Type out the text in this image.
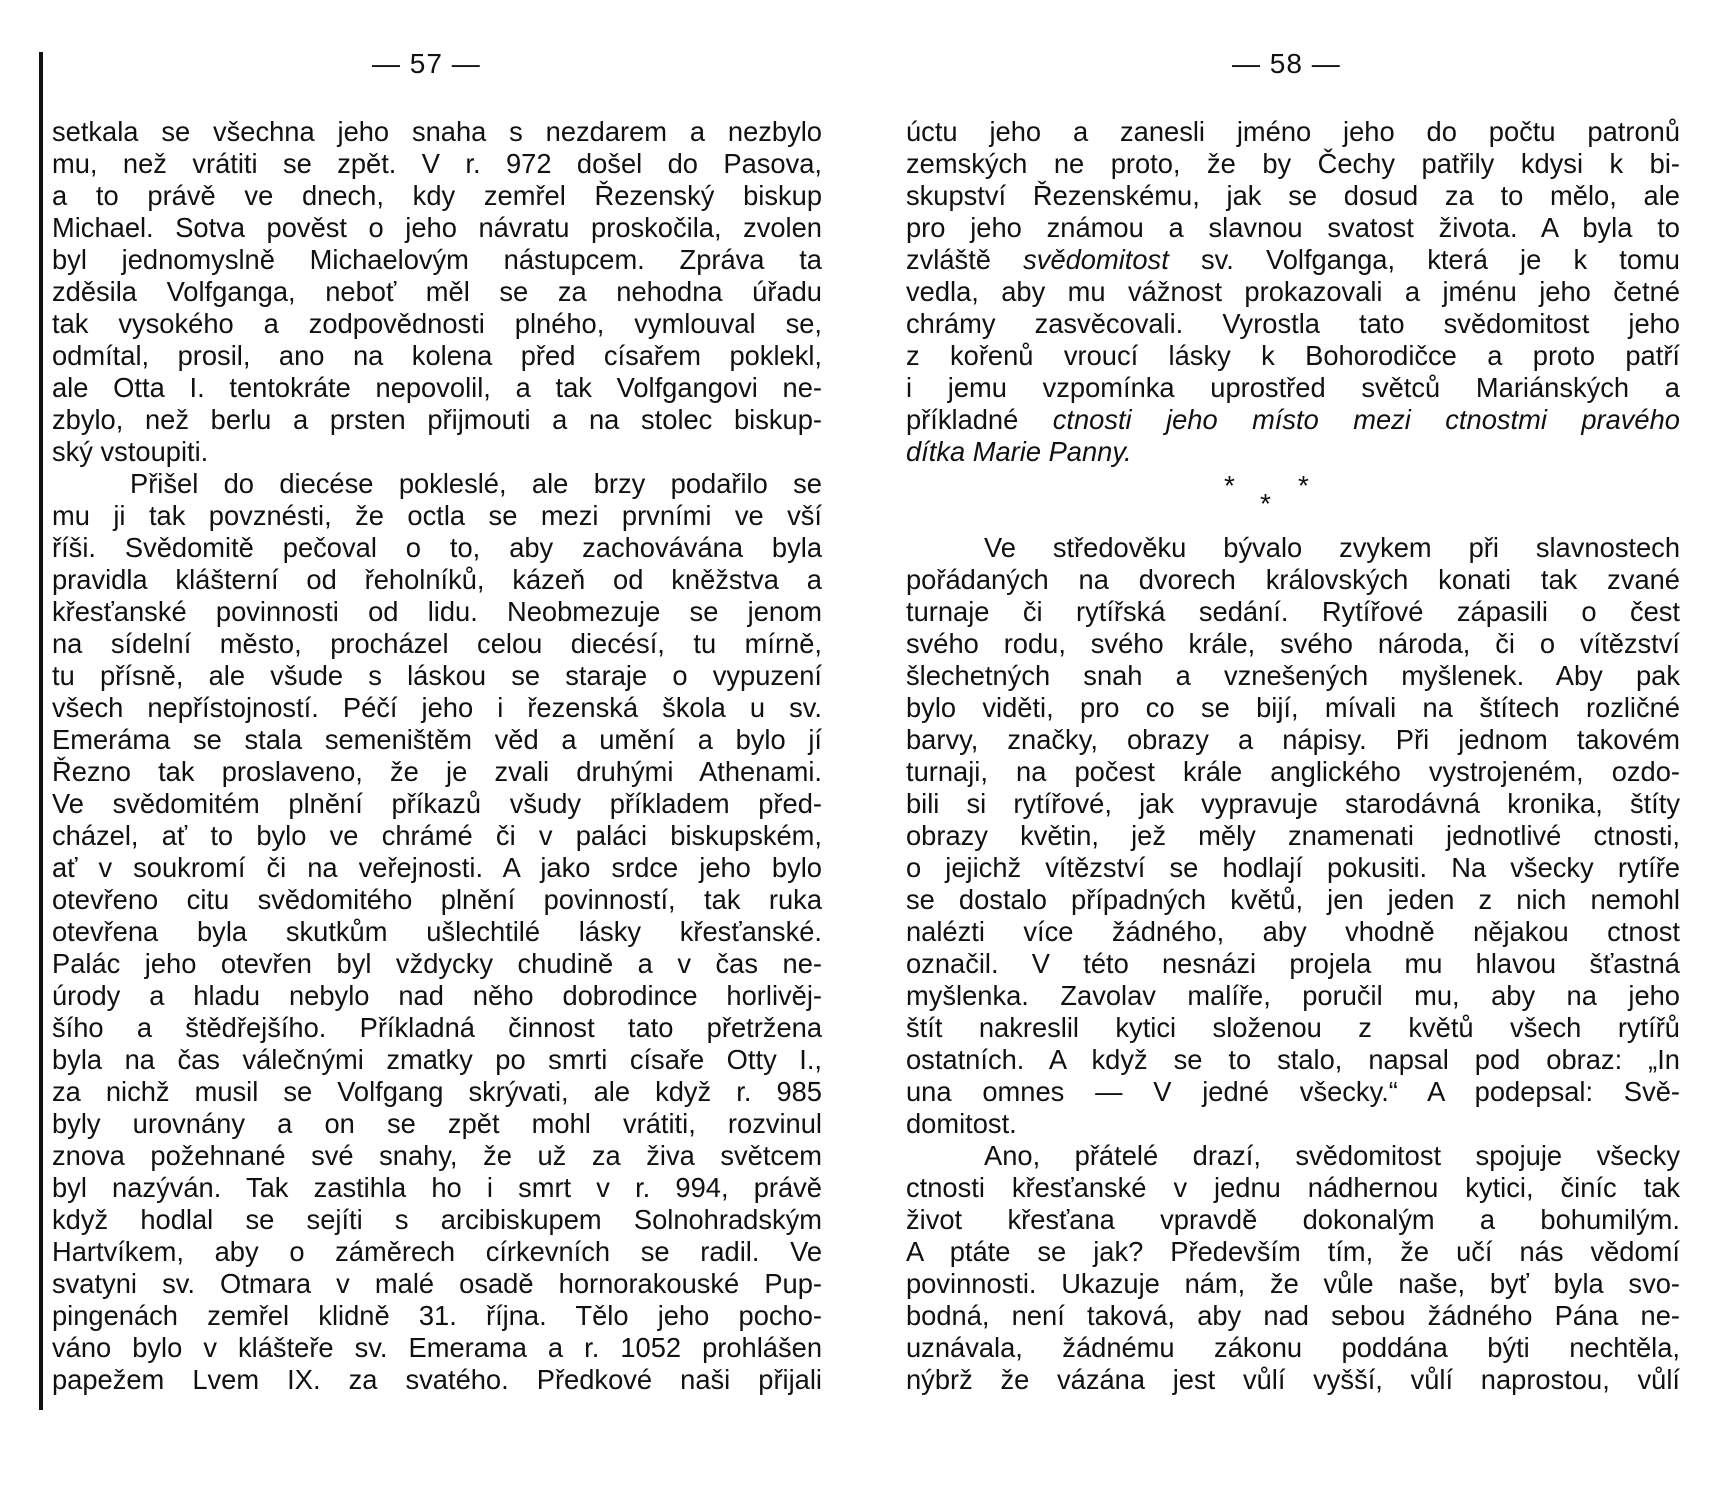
— 57 —
setkala se všechna jeho snaha s nezdarem a nezbylo
mu, než vrátiti se zpět. V r. 972 došel do Pasova,
a to právě ve dnech, kdy zemřel Řezenský biskup
Michael. Sotva pověst o jeho návratu proskočila, zvolen
byl jednomyslně Michaelovým nástupcem. Zpráva ta
zděsila Volfganga, neboť měl se za nehodna úřadu
tak vysokého a zodpovědnosti plného, vymlouval se,
odmítal, prosil, ano na kolena před císařem poklekl,
ale Otta I. tentokráte nepovolil, a tak Volfgangovi ne-
zbylo, než berlu a prsten přijmouti a na stolec biskup-
ský vstoupiti.
Přišel do diecése pokleslé, ale brzy podařilo se
mu ji tak povznésti, že octla se mezi prvními ve vší
říši. Svědomitě pečoval o to, aby zachovávána byla
pravidla klášterní od řeholníků, kázeň od kněžstva a
křesťanské povinnosti od lidu. Neobmezuje se jenom
na sídelní město, procházel celou diecésí, tu mírně,
tu přísně, ale všude s láskou se staraje o vypuzení
všech nepřístojností. Péčí jeho i řezenská škola u sv.
Emeráma se stala semeništěm věd a umění a bylo jí
Řezno tak proslaveno, že je zvali druhými Athenami.
Ve svědomitém plnění příkazů všudy příkladem před-
cházel, ať to bylo ve chrámé či v paláci biskupském,
ať v soukromí či na veřejnosti. A jako srdce jeho bylo
otevřeno citu svědomitého plnění povinností, tak ruka
otevřena byla skutkům ušlechtilé lásky křesťanské.
Palác jeho otevřen byl vždycky chudině a v čas ne-
úrody a hladu nebylo nad něho dobrodince horlivěj-
šího a štědřejšího. Příkladná činnost tato přetržena
byla na čas válečnými zmatky po smrti císaře Otty I.,
za nichž musil se Volfgang skrývati, ale když r. 985
byly urovnány a on se zpět mohl vrátiti, rozvinul
znova požehnané své snahy, že už za živa světcem
byl nazýván. Tak zastihla ho i smrt v r. 994, právě
když hodlal se sejíti s arcibiskupem Solnohradským
Hartvíkem, aby o záměrech církevních se radil. Ve
svatyni sv. Otmara v malé osadě hornorakouské Pup-
pingenách zemřel klidně 31. října. Tělo jeho pocho-
váno bylo v klášteře sv. Emerama a r. 1052 prohlášen
papežem Lvem IX. za svatého. Předkové naši přijali
— 58 —
úctu jeho a zanesli jméno jeho do počtu patronů
zemských ne proto, že by Čechy patřily kdysi k bi-
skupství Řezenskému, jak se dosud za to mělo, ale
pro jeho známou a slavnou svatost života. A byla to
zvláště svědomitost sv. Volfganga, která je k tomu
vedla, aby mu vážnost prokazovali a jménu jeho četné
chrámy zasvěcovali. Vyrostla tato svědomitost jeho
z kořenů vroucí lásky k Bohorodičce a proto patří
i jemu vzpomínka uprostřed světců Mariánských a
příkladné ctnosti jeho místo mezi ctnostmi pravého
dítka Marie Panny.
*
*
*
Ve středověku bývalo zvykem při slavnostech
pořádaných na dvorech královských konati tak zvané
turnaje či rytířská sedání. Rytířové zápasili o čest
svého rodu, svého krále, svého národa, či o vítězství
šlechetných snah a vznešených myšlenek. Aby pak
bylo viděti, pro co se bijí, mívali na štítech rozličné
barvy, značky, obrazy a nápisy. Při jednom takovém
turnaji, na počest krále anglického vystrojeném, ozdo-
bili si rytířové, jak vypravuje starodávná kronika, štíty
obrazy květin, jež měly znamenati jednotlivé ctnosti,
o jejichž vítězství se hodlají pokusiti. Na všecky rytíře
se dostalo případných květů, jen jeden z nich nemohl
nalézti více žádného, aby vhodně nějakou ctnost
označil. V této nesnázi projela mu hlavou šťastná
myšlenka. Zavolav malíře, poručil mu, aby na jeho
štít nakreslil kytici složenou z květů všech rytířů
ostatních. A když se to stalo, napsal pod obraz: „In
una omnes — V jedné všecky.“ A podepsal: Svě-
domitost.
Ano, přátelé drazí, svědomitost spojuje všecky
ctnosti křesťanské v jednu nádhernou kytici, činíc tak
život křesťana vpravdě dokonalým a bohumilým.
A ptáte se jak? Především tím, že učí nás vědomí
povinnosti. Ukazuje nám, že vůle naše, byť byla svo-
bodná, není taková, aby nad sebou žádného Pána ne-
uznávala, žádnému zákonu poddána býti nechtěla,
nýbrž že vázána jest vůlí vyšší, vůlí naprostou, vůlí
